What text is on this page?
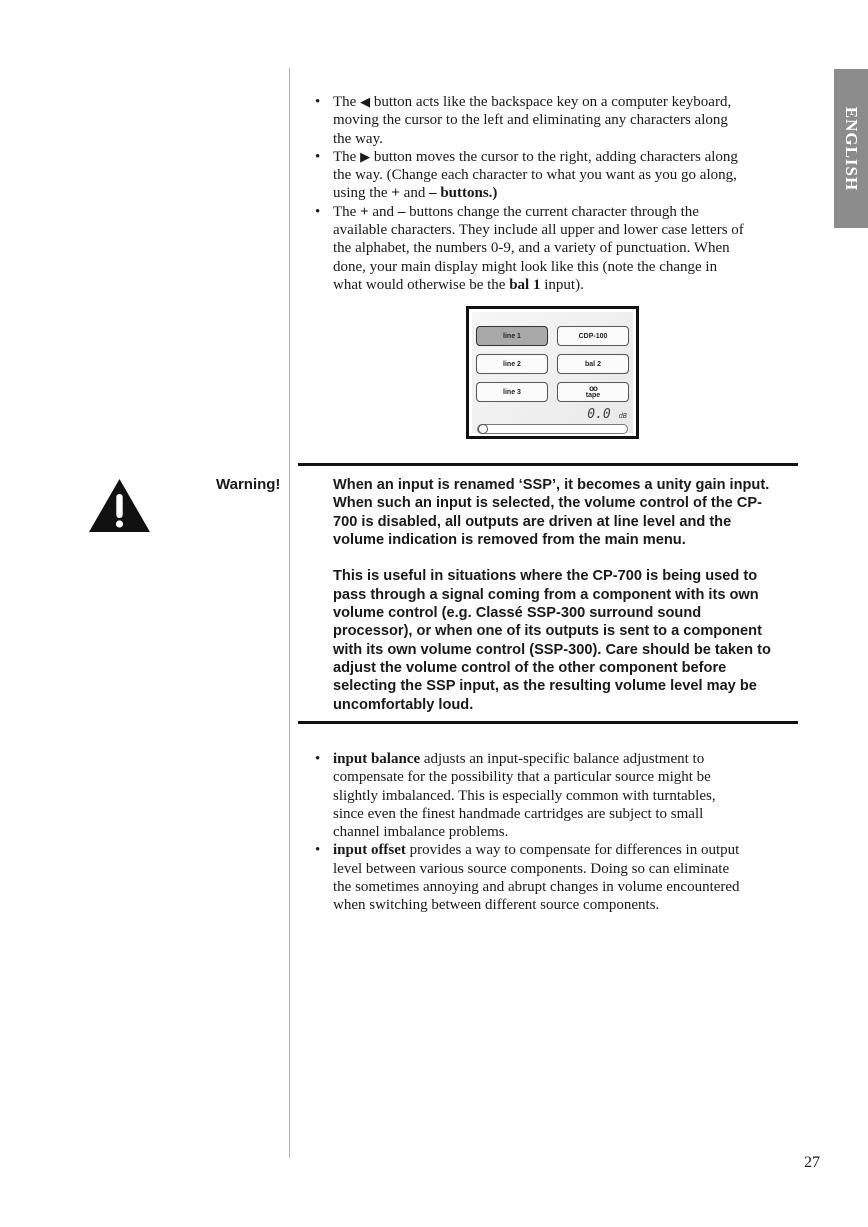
ENGLISH
• The ◀ button acts like the backspace key on a computer keyboard, moving the cursor to the left and eliminating any characters along the way.
• The ▶ button moves the cursor to the right, adding characters along the way. (Change each character to what you want as you go along, using the + and – buttons.)
• The + and – buttons change the current character through the available characters. They include all upper and lower case letters of the alphabet, the numbers 0-9, and a variety of punctuation. When done, your main display might look like this (note the change in what would otherwise be the bal 1 input).
line 1	CDP-100
line 2	bal 2
line 3	oo
tape
0.0 dB
Warning!	When an input is renamed ‘SSP’, it becomes a unity gain input. When such an input is selected, the volume control of the CP-700 is disabled, all outputs are driven at line level and the volume indication is removed from the main menu.

This is useful in situations where the CP-700 is being used to pass through a signal coming from a component with its own volume control (e.g. Classé SSP-300 surround sound processor), or when one of its outputs is sent to a component with its own volume control (SSP-300). Care should be taken to adjust the volume control of the other component before selecting the SSP input, as the resulting volume level may be uncomfortably loud.

• input balance adjusts an input-specific balance adjustment to compensate for the possibility that a particular source might be slightly imbalanced. This is especially common with turntables, since even the finest handmade cartridges are subject to small channel imbalance problems.
• input offset provides a way to compensate for differences in output level between various source components. Doing so can eliminate the sometimes annoying and abrupt changes in volume encountered when switching between different source components.
27
